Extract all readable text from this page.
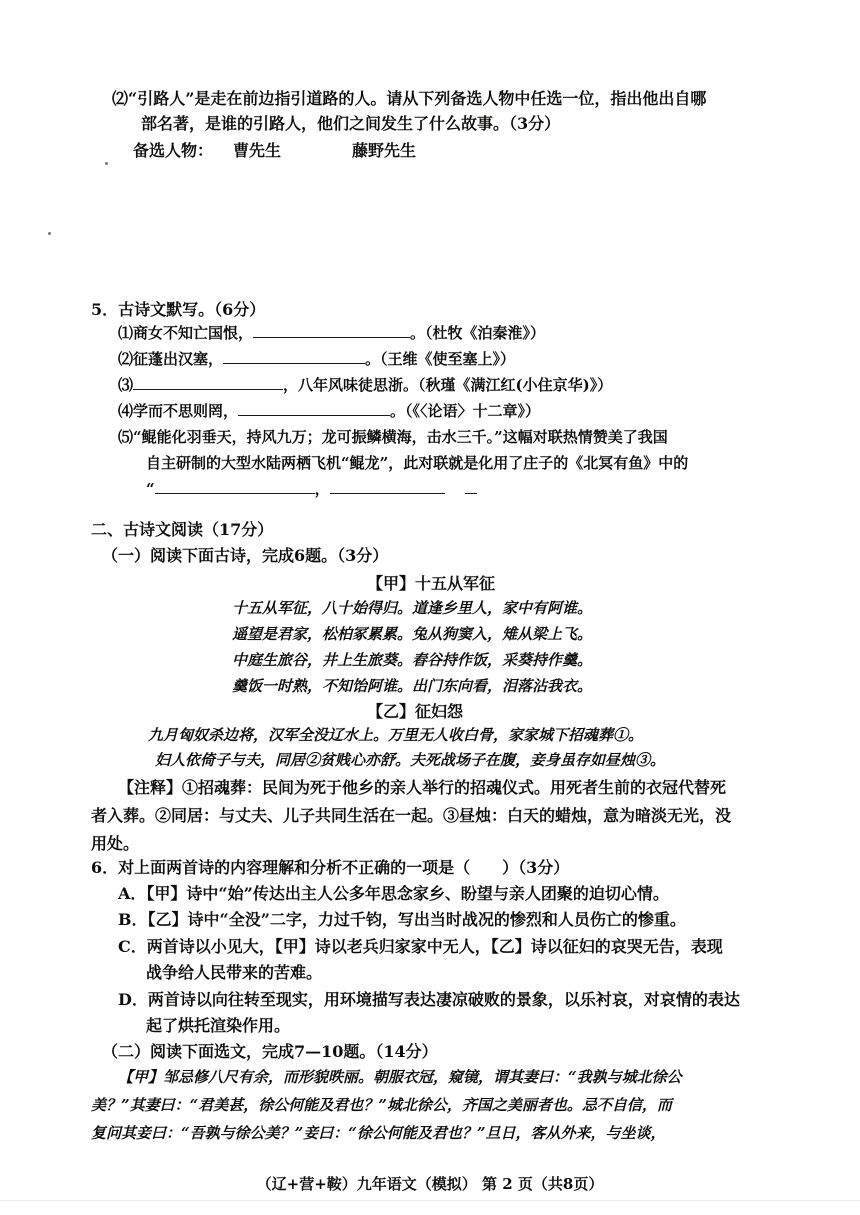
⑵“引路人”是走在前边指引道路的人。请从下列备选人物中任选一位，指出他出自哪
部名著，是谁的引路人，他们之间发生了什么故事。（3分）
备选人物： 曹先生	藤野先生
5．古诗文默写。（6分）
⑴商女不知亡国恨，	。（杜牧《泊秦淮》）
⑵征蓬出汉塞，	。（王维《使至塞上》）
⑶	，八年风味徒思浙。（秋瑾《满江红(小住京华)》）
⑷学而不思则罔，	。（《〈论语〉十二章》）
⑸“鲲能化羽垂天，持风九万；龙可振鳞横海，击水三千。”这幅对联热情赞美了我国
自主研制的大型水陆两栖飞机“鲲龙”，此对联就是化用了庄子的《北冥有鱼》中的
“	，
二、古诗文阅读（17分）
（一）阅读下面古诗，完成6题。（3分）
【甲】十五从军征
十五从军征，八十始得归。道逢乡里人，家中有阿谁。
遥望是君家，松柏冢累累。兔从狗窦入，雉从梁上飞。
中庭生旅谷，井上生旅葵。舂谷持作饭，采葵持作羹。
羹饭一时熟，不知饴阿谁。出门东向看，泪落沾我衣。
【乙】征妇怨
九月匈奴杀边将，汉军全没辽水上。万里无人收白骨，家家城下招魂葬①。
妇人依倚子与夫，同居②贫贱心亦舒。夫死战场子在腹，妾身虽存如昼烛③。
【注释】①招魂葬：民间为死于他乡的亲人举行的招魂仪式。用死者生前的衣冠代替死
者入葬。②同居：与丈夫、儿子共同生活在一起。③昼烛：白天的蜡烛，意为暗淡无光，没
用处。
6．对上面两首诗的内容理解和分析不正确的一项是（　　）（3分）
A．【甲】诗中“始”传达出主人公多年思念家乡、盼望与亲人团聚的迫切心情。
B．【乙】诗中“全没”二字，力过千钧，写出当时战况的惨烈和人员伤亡的惨重。
C．两首诗以小见大，【甲】诗以老兵归家家中无人，【乙】诗以征妇的哀哭无告，表现
战争给人民带来的苦难。
D．两首诗以向往转至现实，用环境描写表达凄凉破败的景象，以乐衬哀，对哀情的表达
起了烘托渲染作用。
（二）阅读下面选文，完成7—10题。（14分）
【甲】邹忌修八尺有余，而形貌昳丽。朝服衣冠，窥镜，谓其妻曰：“我孰与城北徐公
美？”其妻曰：“君美甚，徐公何能及君也？”城北徐公，齐国之美丽者也。忌不自信，而
复问其妾曰：“吾孰与徐公美？”妾曰：“徐公何能及君也？”旦日，客从外来，与坐谈，
（辽+营+鞍）九年语文（模拟） 第 2 页（共8页）
